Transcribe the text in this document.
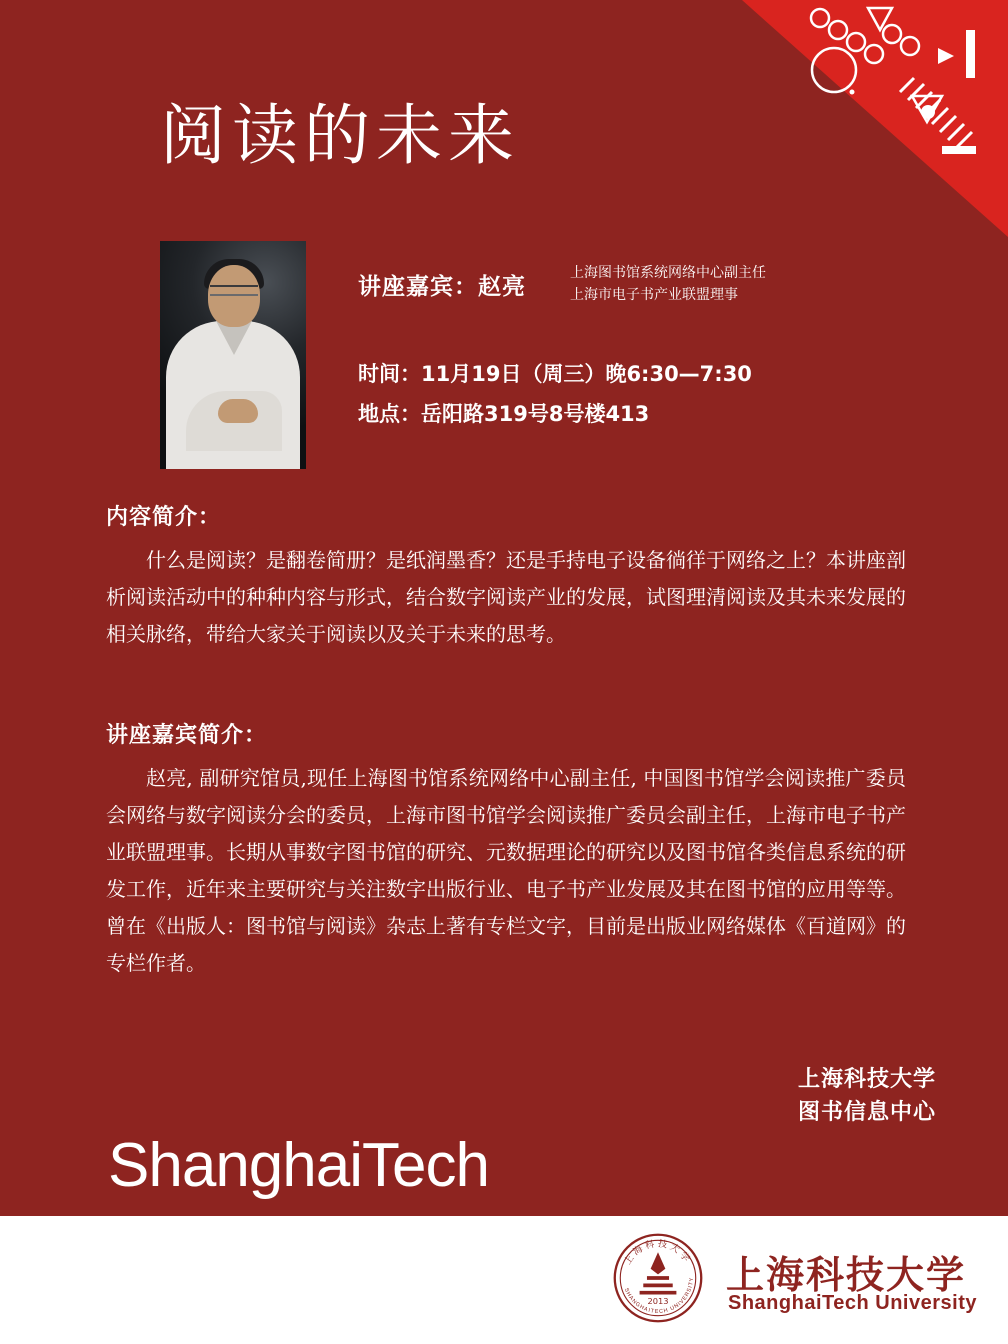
阅读的未来
讲座嘉宾：赵亮
上海图书馆系统网络中心副主任
上海市电子书产业联盟理事
时间：11月19日（周三）晚6:30—7:30
地点：岳阳路319号8号楼413
内容简介：
什么是阅读？是翻卷简册？是纸润墨香？还是手持电子设备徜徉于网络之上？本讲座剖析阅读活动中的种种内容与形式，结合数字阅读产业的发展，试图理清阅读及其未来发展的相关脉络，带给大家关于阅读以及关于未来的思考。
讲座嘉宾简介：
赵亮, 副研究馆员,现任上海图书馆系统网络中心副主任, 中国图书馆学会阅读推广委员会网络与数字阅读分会的委员，上海市图书馆学会阅读推广委员会副主任，上海市电子书产业联盟理事。长期从事数字图书馆的研究、元数据理论的研究以及图书馆各类信息系统的研发工作，近年来主要研究与关注数字出版行业、电子书产业发展及其在图书馆的应用等等。曾在《出版人：图书馆与阅读》杂志上著有专栏文字，目前是出版业网络媒体《百道网》的专栏作者。
上海科技大学
图书信息中心
ShanghaiTech
2013
上海科技大学
SHANGHAITECH UNIVERSITY 上海科技大学
ShanghaiTech University
